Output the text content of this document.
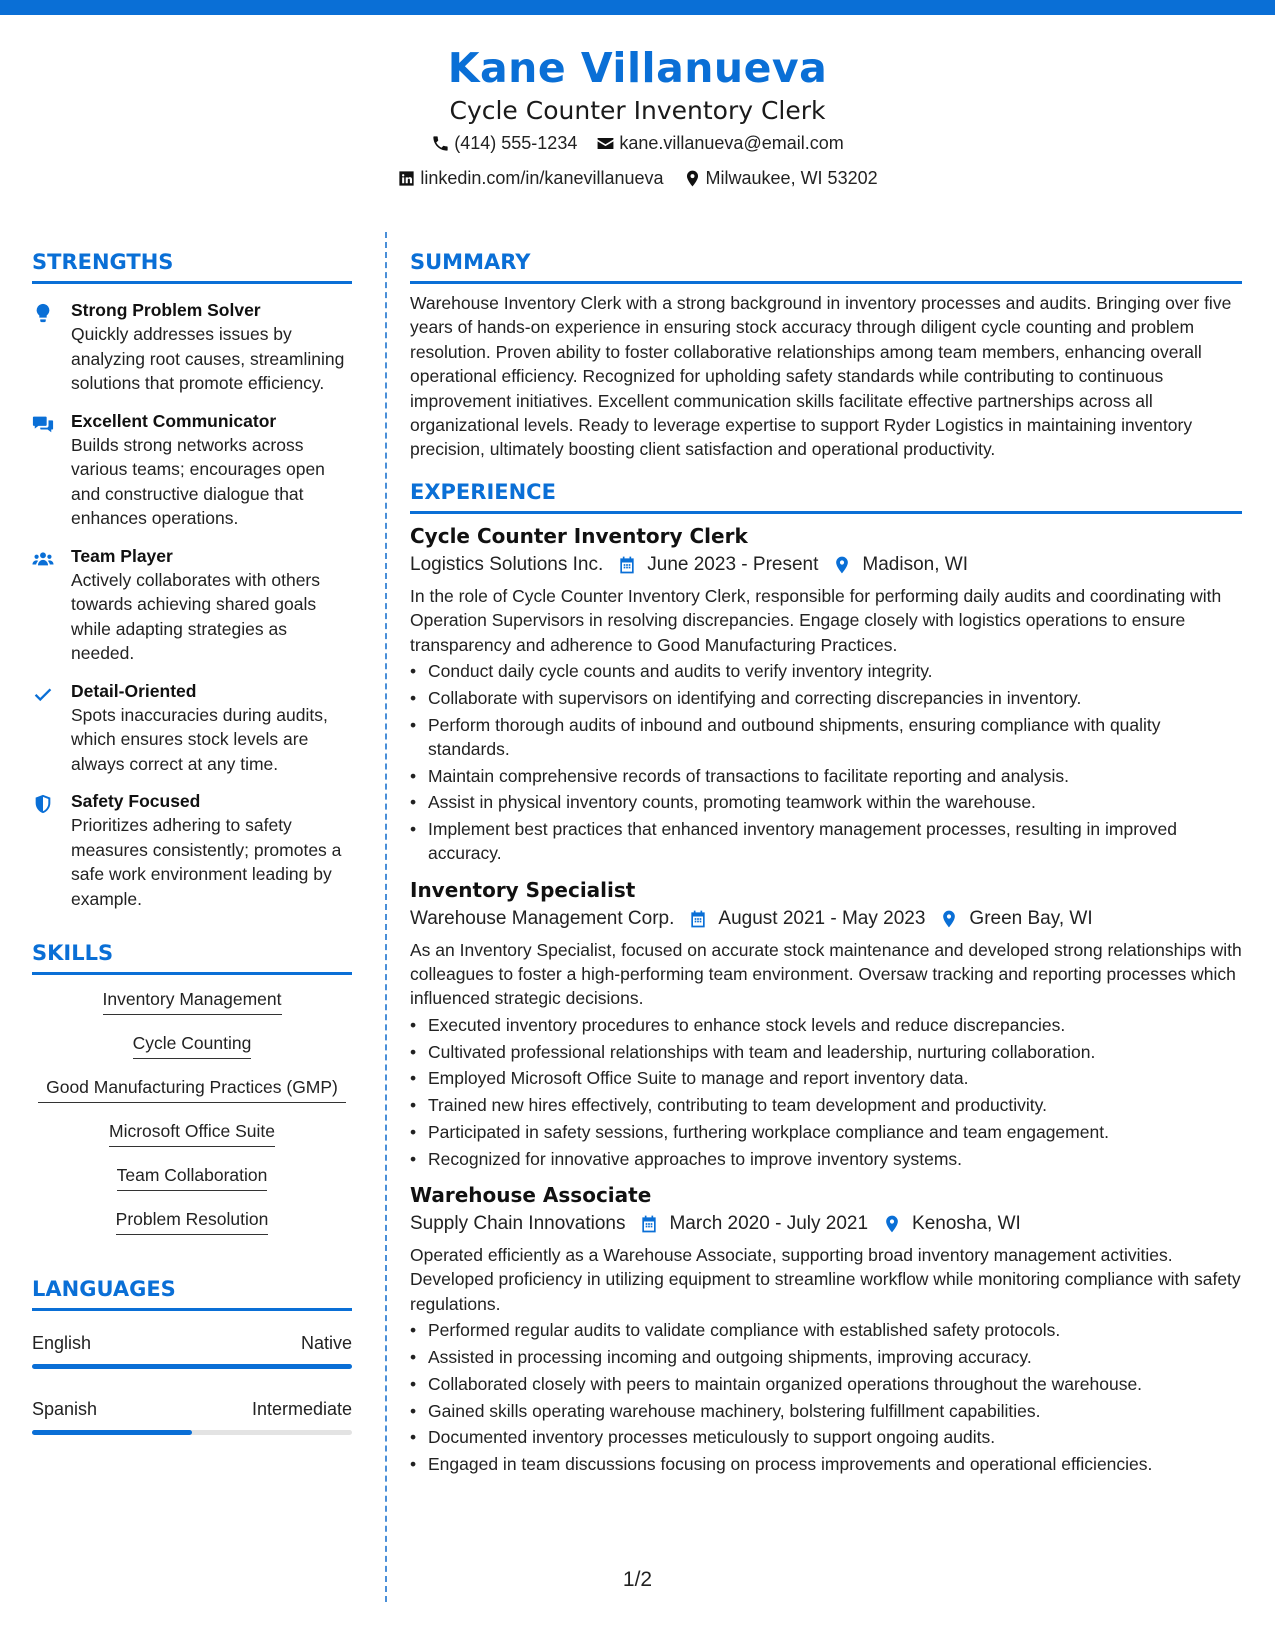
Kane Villanueva
Cycle Counter Inventory Clerk
(414) 555-1234
kane.villanueva@email.com
linkedin.com/in/kanevillanueva
Milwaukee, WI 53202
STRENGTHS
Strong Problem Solver
Quickly addresses issues by analyzing root causes, streamlining solutions that promote efficiency.
Excellent Communicator
Builds strong networks across various teams; encourages open and constructive dialogue that enhances operations.
Team Player
Actively collaborates with others towards achieving shared goals while adapting strategies as needed.
Detail-Oriented
Spots inaccuracies during audits, which ensures stock levels are always correct at any time.
Safety Focused
Prioritizes adhering to safety measures consistently; promotes a safe work environment leading by example.
SKILLS
Inventory Management
Cycle Counting
Good Manufacturing Practices (GMP)
Microsoft Office Suite
Team Collaboration
Problem Resolution
LANGUAGES
English	Native
Spanish	Intermediate
SUMMARY
Warehouse Inventory Clerk with a strong background in inventory processes and audits. Bringing over five years of hands-on experience in ensuring stock accuracy through diligent cycle counting and problem resolution. Proven ability to foster collaborative relationships among team members, enhancing overall operational efficiency. Recognized for upholding safety standards while contributing to continuous improvement initiatives. Excellent communication skills facilitate effective partnerships across all organizational levels. Ready to leverage expertise to support Ryder Logistics in maintaining inventory precision, ultimately boosting client satisfaction and operational productivity.
EXPERIENCE
Cycle Counter Inventory Clerk
Logistics Solutions Inc. June 2023 - Present Madison, WI
In the role of Cycle Counter Inventory Clerk, responsible for performing daily audits and coordinating with Operation Supervisors in resolving discrepancies. Engage closely with logistics operations to ensure transparency and adherence to Good Manufacturing Practices.
• Conduct daily cycle counts and audits to verify inventory integrity.
• Collaborate with supervisors on identifying and correcting discrepancies in inventory.
• Perform thorough audits of inbound and outbound shipments, ensuring compliance with quality standards.
• Maintain comprehensive records of transactions to facilitate reporting and analysis.
• Assist in physical inventory counts, promoting teamwork within the warehouse.
• Implement best practices that enhanced inventory management processes, resulting in improved accuracy.
Inventory Specialist
Warehouse Management Corp. August 2021 - May 2023 Green Bay, WI
As an Inventory Specialist, focused on accurate stock maintenance and developed strong relationships with colleagues to foster a high-performing team environment. Oversaw tracking and reporting processes which influenced strategic decisions.
• Executed inventory procedures to enhance stock levels and reduce discrepancies.
• Cultivated professional relationships with team and leadership, nurturing collaboration.
• Employed Microsoft Office Suite to manage and report inventory data.
• Trained new hires effectively, contributing to team development and productivity.
• Participated in safety sessions, furthering workplace compliance and team engagement.
• Recognized for innovative approaches to improve inventory systems.
Warehouse Associate
Supply Chain Innovations March 2020 - July 2021 Kenosha, WI
Operated efficiently as a Warehouse Associate, supporting broad inventory management activities. Developed proficiency in utilizing equipment to streamline workflow while monitoring compliance with safety regulations.
• Performed regular audits to validate compliance with established safety protocols.
• Assisted in processing incoming and outgoing shipments, improving accuracy.
• Collaborated closely with peers to maintain organized operations throughout the warehouse.
• Gained skills operating warehouse machinery, bolstering fulfillment capabilities.
• Documented inventory processes meticulously to support ongoing audits.
• Engaged in team discussions focusing on process improvements and operational efficiencies.
1/2
